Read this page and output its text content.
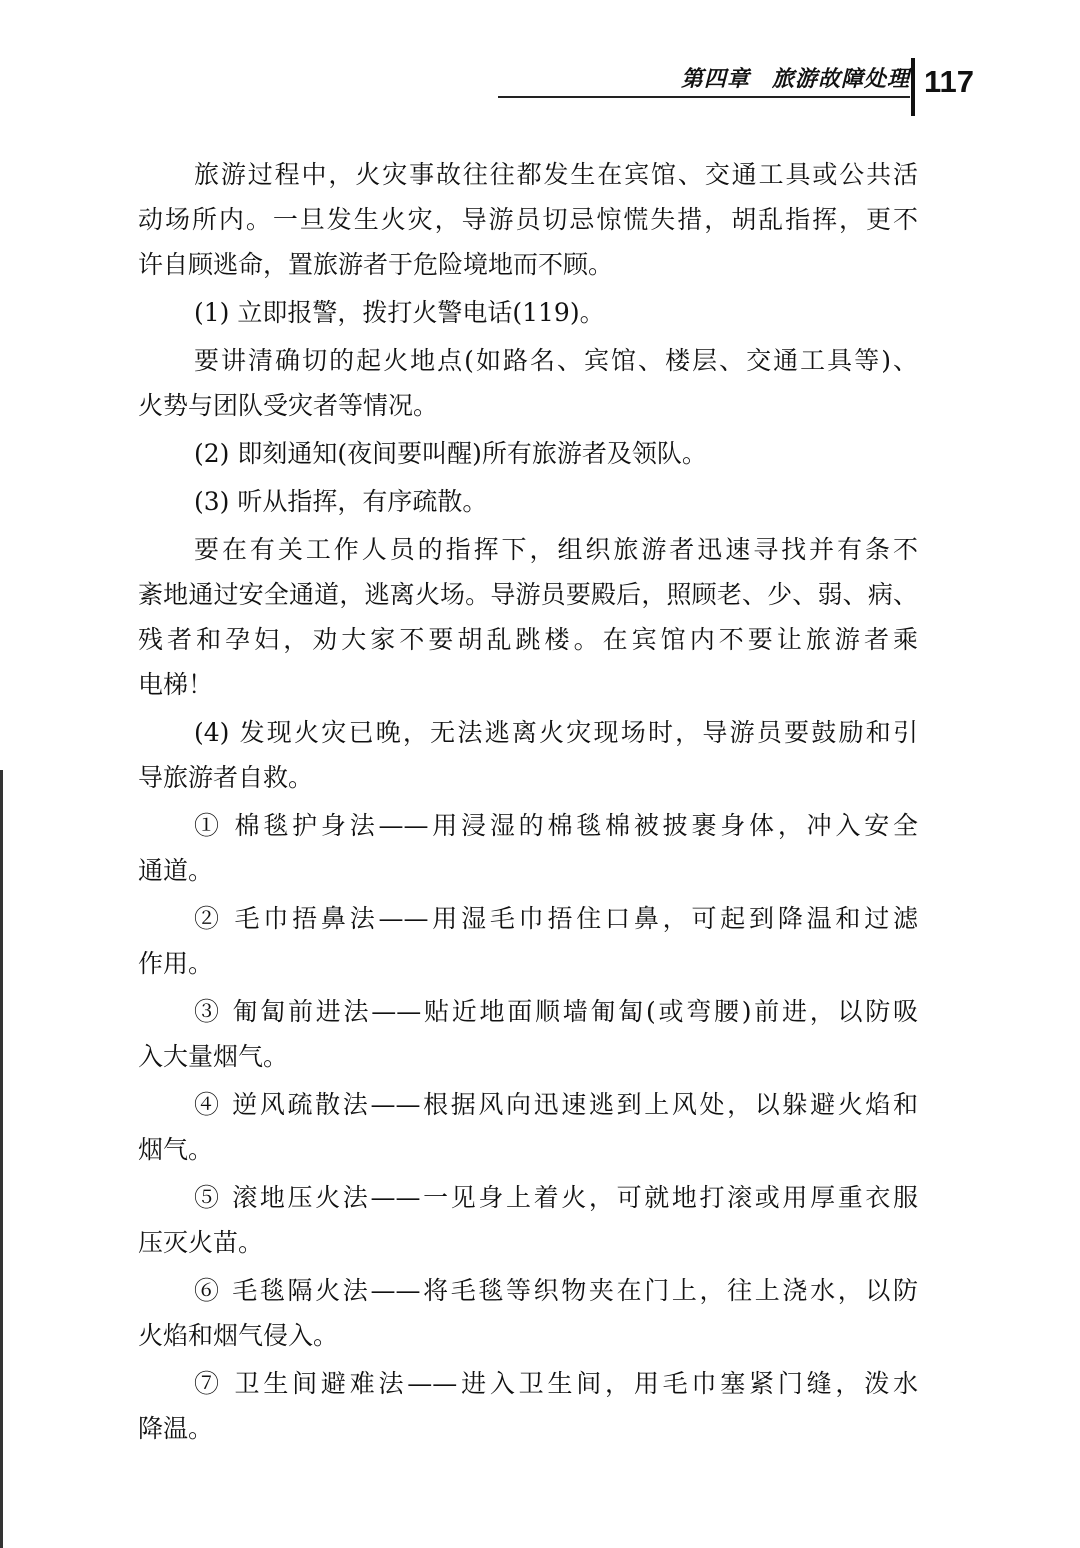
第四章 旅游故障处理 117
旅游过程中，火灾事故往往都发生在宾馆、交通工具或公共活
动场所内。一旦发生火灾，导游员切忌惊慌失措，胡乱指挥，更不
许自顾逃命，置旅游者于危险境地而不顾。
(1) 立即报警，拨打火警电话(119)。
要讲清确切的起火地点(如路名、宾馆、楼层、交通工具等)、
火势与团队受灾者等情况。
(2) 即刻通知(夜间要叫醒)所有旅游者及领队。
(3) 听从指挥，有序疏散。
要在有关工作人员的指挥下，组织旅游者迅速寻找并有条不
紊地通过安全通道，逃离火场。导游员要殿后，照顾老、少、弱、病、
残者和孕妇，劝大家不要胡乱跳楼。在宾馆内不要让旅游者乘
电梯！
(4) 发现火灾已晚，无法逃离火灾现场时，导游员要鼓励和引
导旅游者自救。
① 棉毯护身法——用浸湿的棉毯棉被披裹身体，冲入安全
通道。
② 毛巾捂鼻法——用湿毛巾捂住口鼻，可起到降温和过滤
作用。
③ 匍匐前进法——贴近地面顺墙匍匐(或弯腰)前进，以防吸
入大量烟气。
④ 逆风疏散法——根据风向迅速逃到上风处，以躲避火焰和
烟气。
⑤ 滚地压火法——一见身上着火，可就地打滚或用厚重衣服
压灭火苗。
⑥ 毛毯隔火法——将毛毯等织物夹在门上，往上浇水，以防
火焰和烟气侵入。
⑦ 卫生间避难法——进入卫生间，用毛巾塞紧门缝，泼水
降温。
